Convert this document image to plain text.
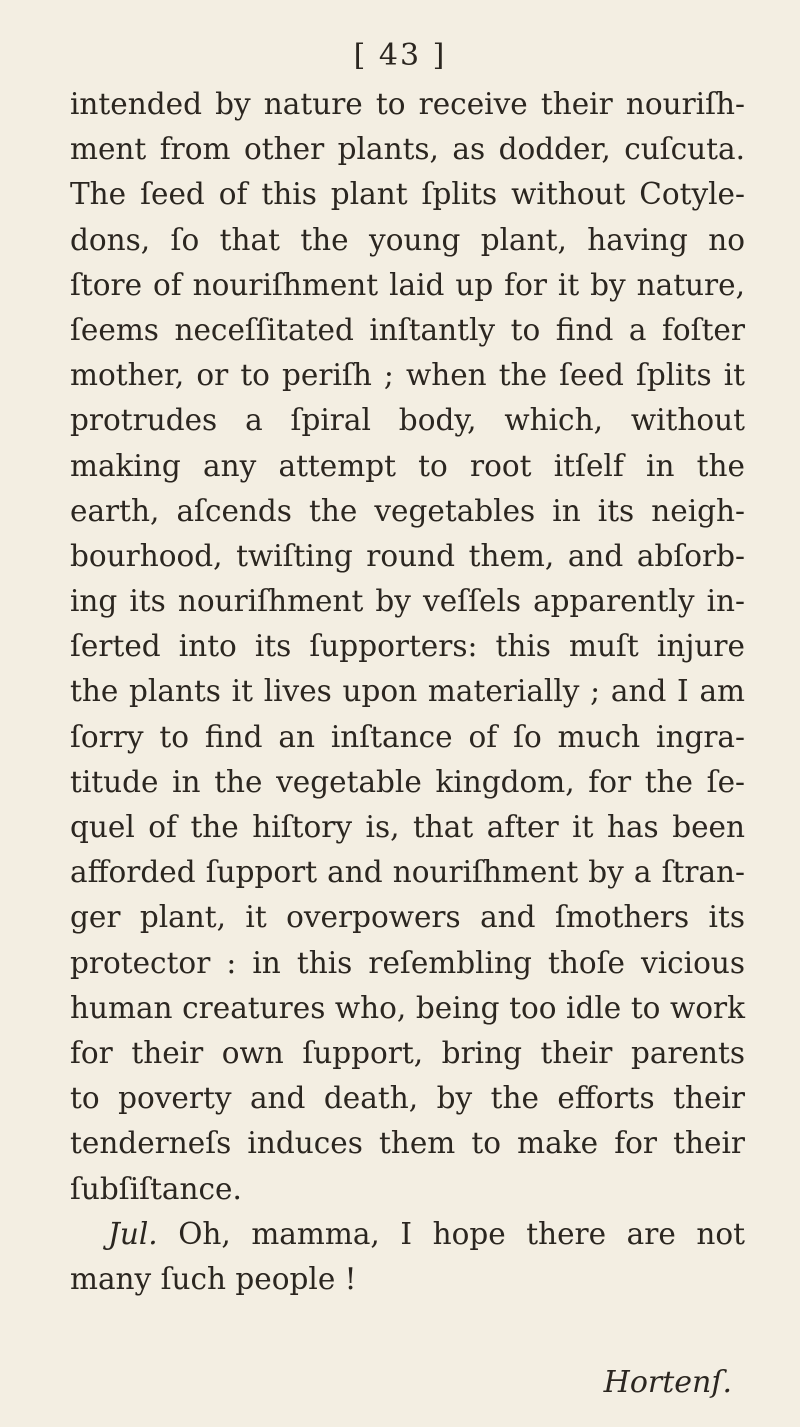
[ 43 ]
intended by nature to receive their nouriſh-
ment from other plants, as dodder, cuſcuta.
The ſeed of this plant ſplits without Cotyle-
dons, ſo that the young plant, having no
ſtore of nouriſhment laid up for it by nature,
ſeems neceſſitated inſtantly to find a foſter
mother, or to periſh ; when the ſeed ſplits it
protrudes a ſpiral body, which, without
making any attempt to root itſelf in the
earth, aſcends the vegetables in its neigh-
bourhood, twiſting round them, and abſorb-
ing its nouriſhment by veſſels apparently in-
ſerted into its ſupporters: this muſt injure
the plants it lives upon materially ; and I am
ſorry to find an inſtance of ſo much ingra-
titude in the vegetable kingdom, for the ſe-
quel of the hiſtory is, that after it has been
afforded ſupport and nouriſhment by a ſtran-
ger plant, it overpowers and ſmothers its
protector : in this reſembling thoſe vicious
human creatures who, being too idle to work
for their own ſupport, bring their parents
to poverty and death, by the efforts their
tenderneſs induces them to make for their
ſubſiſtance.
Jul. Oh, mamma, I hope there are not
many ſuch people !
Hortenſ.
